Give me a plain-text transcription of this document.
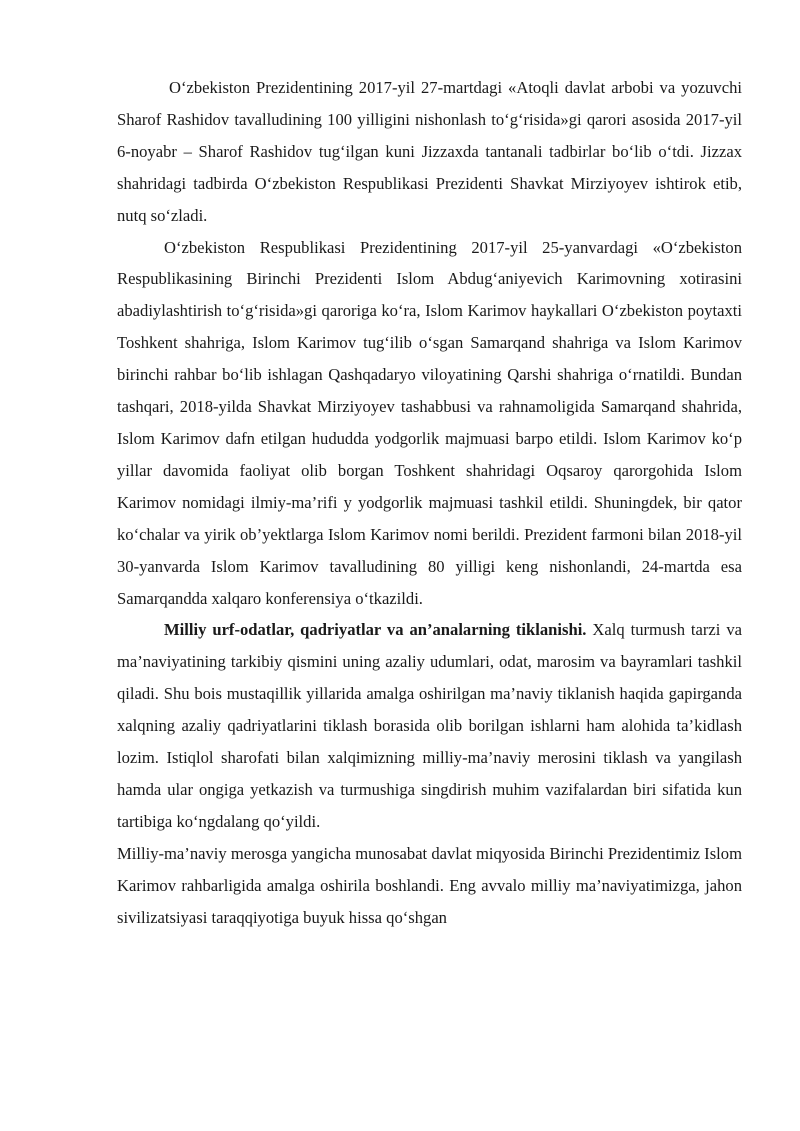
O‘zbekiston Prezidentining 2017-yil 27-martdagi «Atoqli davlat arbobi va yozuvchi Sharof Rashidov tavalludining 100 yilligini nishonlash to‘g‘risida»gi qarori asosida 2017-yil 6-noyabr – Sharof Rashidov tug‘ilgan kuni Jizzaxda tantanali tadbirlar bo‘lib o‘tdi. Jizzax shahridagi tadbirda O‘zbekiston Respublikasi Prezidenti Shavkat Mirziyoyev ishtirok etib, nutq so‘zladi.

O‘zbekiston Respublikasi Prezidentining 2017-yil 25-yanvardagi «O‘zbekiston Respublikasining Birinchi Prezidenti Islom Abdug‘aniyevich Karimovning xotirasini abadiylashtirish to‘g‘risida»gi qaroriga ko‘ra, Islom Karimov haykallari O‘zbekiston poytaxti Toshkent shahriga, Islom Karimov tug‘ilib o‘sgan Samarqand shahriga va Islom Karimov birinchi rahbar bo‘lib ishlagan Qashqadaryo viloyatining Qarshi shahriga o‘rnatildi. Bundan tashqari, 2018-yilda Shavkat Mirziyoyev tashabbusi va rahnamoligida Samarqand shahrida, Islom Karimov dafn etilgan hududda yodgorlik majmuasi barpo etildi. Islom Karimov ko‘p yillar davomida faoliyat olib borgan Toshkent shahridagi Oqsaroy qarorgohida Islom Karimov nomidagi ilmiy-ma’rifi y yodgorlik majmuasi tashkil etildi. Shuningdek, bir qator ko‘chalar va yirik ob’yektlarga Islom Karimov nomi berildi. Prezident farmoni bilan 2018-yil 30-yanvarda Islom Karimov tavalludining 80 yilligi keng nishonlandi, 24-martda esa Samarqandda xalqaro konferensiya o‘tkazildi.

Milliy urf-odatlar, qadriyatlar va an’analarning tiklanishi. Xalq turmush tarzi va ma’naviyatining tarkibiy qismini uning azaliy udumlari, odat, marosim va bayramlari tashkil qiladi. Shu bois mustaqillik yillarida amalga oshirilgan ma’naviy tiklanish haqida gapirganda xalqning azaliy qadriyatlarini tiklash borasida olib borilgan ishlarni ham alohida ta’kidlash lozim. Istiqlol sharofati bilan xalqimizning milliy-ma’naviy merosini tiklash va yangilash hamda ular ongiga yetkazish va turmushiga singdirish muhim vazifalardan biri sifatida kun tartibiga ko‘ngdalang qo‘yildi.

Milliy-ma’naviy merosga yangicha munosabat davlat miqyosida Birinchi Prezidentimiz Islom Karimov rahbarligida amalga oshirila boshlandi. Eng avvalo milliy ma’naviyatimizga, jahon sivilizatsiyasi taraqqiyotiga buyuk hissa qo‘shgan
